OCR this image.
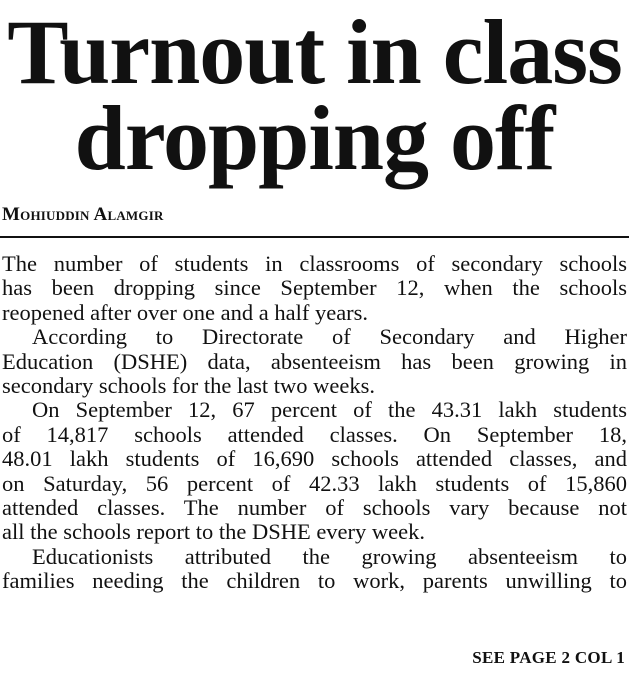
Turnout in class
dropping off
Mohiuddin Alamgir
The number of students in classrooms of secondary schools
has been dropping since September 12, when the schools
reopened after over one and a half years.
According to Directorate of Secondary and Higher
Education (DSHE) data, absenteeism has been growing in
secondary schools for the last two weeks.
On September 12, 67 percent of the 43.31 lakh students
of 14,817 schools attended classes. On September 18,
48.01 lakh students of 16,690 schools attended classes, and
on Saturday, 56 percent of 42.33 lakh students of 15,860
attended classes. The number of schools vary because not
all the schools report to the DSHE every week.
Educationists attributed the growing absenteeism to
families needing the children to work, parents unwilling to
SEE PAGE 2 COL 1
